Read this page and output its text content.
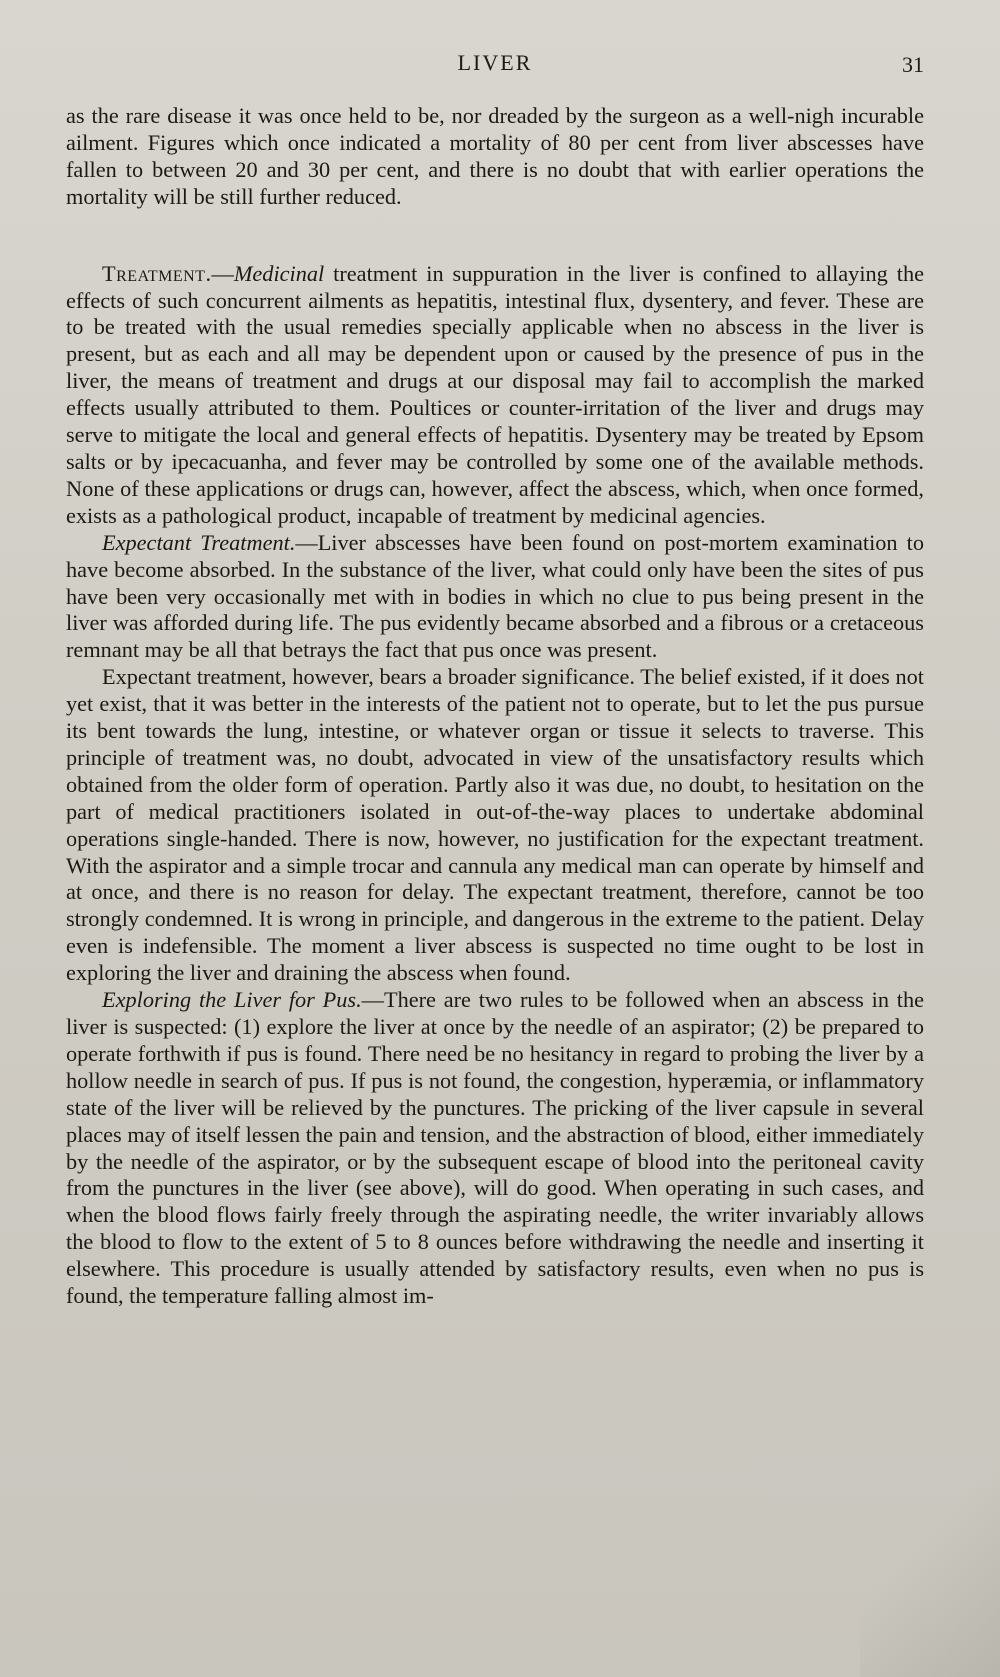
LIVER	31

as the rare disease it was once held to be, nor dreaded by the surgeon as a well-nigh incurable ailment. Figures which once indicated a mortality of 80 per cent from liver abscesses have fallen to between 20 and 30 per cent, and there is no doubt that with earlier operations the mortality will be still further reduced.

Treatment.—Medicinal treatment in suppuration in the liver is confined to allaying the effects of such concurrent ailments as hepatitis, intestinal flux, dysentery, and fever. These are to be treated with the usual remedies specially applicable when no abscess in the liver is present, but as each and all may be dependent upon or caused by the presence of pus in the liver, the means of treatment and drugs at our disposal may fail to accomplish the marked effects usually attributed to them. Poultices or counter-irritation of the liver and drugs may serve to mitigate the local and general effects of hepatitis. Dysentery may be treated by Epsom salts or by ipecacuanha, and fever may be controlled by some one of the available methods. None of these applications or drugs can, however, affect the abscess, which, when once formed, exists as a pathological product, incapable of treatment by medicinal agencies.

Expectant Treatment.—Liver abscesses have been found on post-mortem examination to have become absorbed. In the substance of the liver, what could only have been the sites of pus have been very occasionally met with in bodies in which no clue to pus being present in the liver was afforded during life. The pus evidently became absorbed and a fibrous or a cretaceous remnant may be all that betrays the fact that pus once was present.

Expectant treatment, however, bears a broader significance. The belief existed, if it does not yet exist, that it was better in the interests of the patient not to operate, but to let the pus pursue its bent towards the lung, intestine, or whatever organ or tissue it selects to traverse. This principle of treatment was, no doubt, advocated in view of the unsatisfactory results which obtained from the older form of operation. Partly also it was due, no doubt, to hesitation on the part of medical practitioners isolated in out-of-the-way places to undertake abdominal operations single-handed. There is now, however, no justification for the expectant treatment. With the aspirator and a simple trocar and cannula any medical man can operate by himself and at once, and there is no reason for delay. The expectant treatment, therefore, cannot be too strongly condemned. It is wrong in principle, and dangerous in the extreme to the patient. Delay even is indefensible. The moment a liver abscess is suspected no time ought to be lost in exploring the liver and draining the abscess when found.

Exploring the Liver for Pus.—There are two rules to be followed when an abscess in the liver is suspected: (1) explore the liver at once by the needle of an aspirator; (2) be prepared to operate forthwith if pus is found. There need be no hesitancy in regard to probing the liver by a hollow needle in search of pus. If pus is not found, the congestion, hyperæmia, or inflammatory state of the liver will be relieved by the punctures. The pricking of the liver capsule in several places may of itself lessen the pain and tension, and the abstraction of blood, either immediately by the needle of the aspirator, or by the subsequent escape of blood into the peritoneal cavity from the punctures in the liver (see above), will do good. When operating in such cases, and when the blood flows fairly freely through the aspirating needle, the writer invariably allows the blood to flow to the extent of 5 to 8 ounces before withdrawing the needle and inserting it elsewhere. This procedure is usually attended by satisfactory results, even when no pus is found, the temperature falling almost im-
